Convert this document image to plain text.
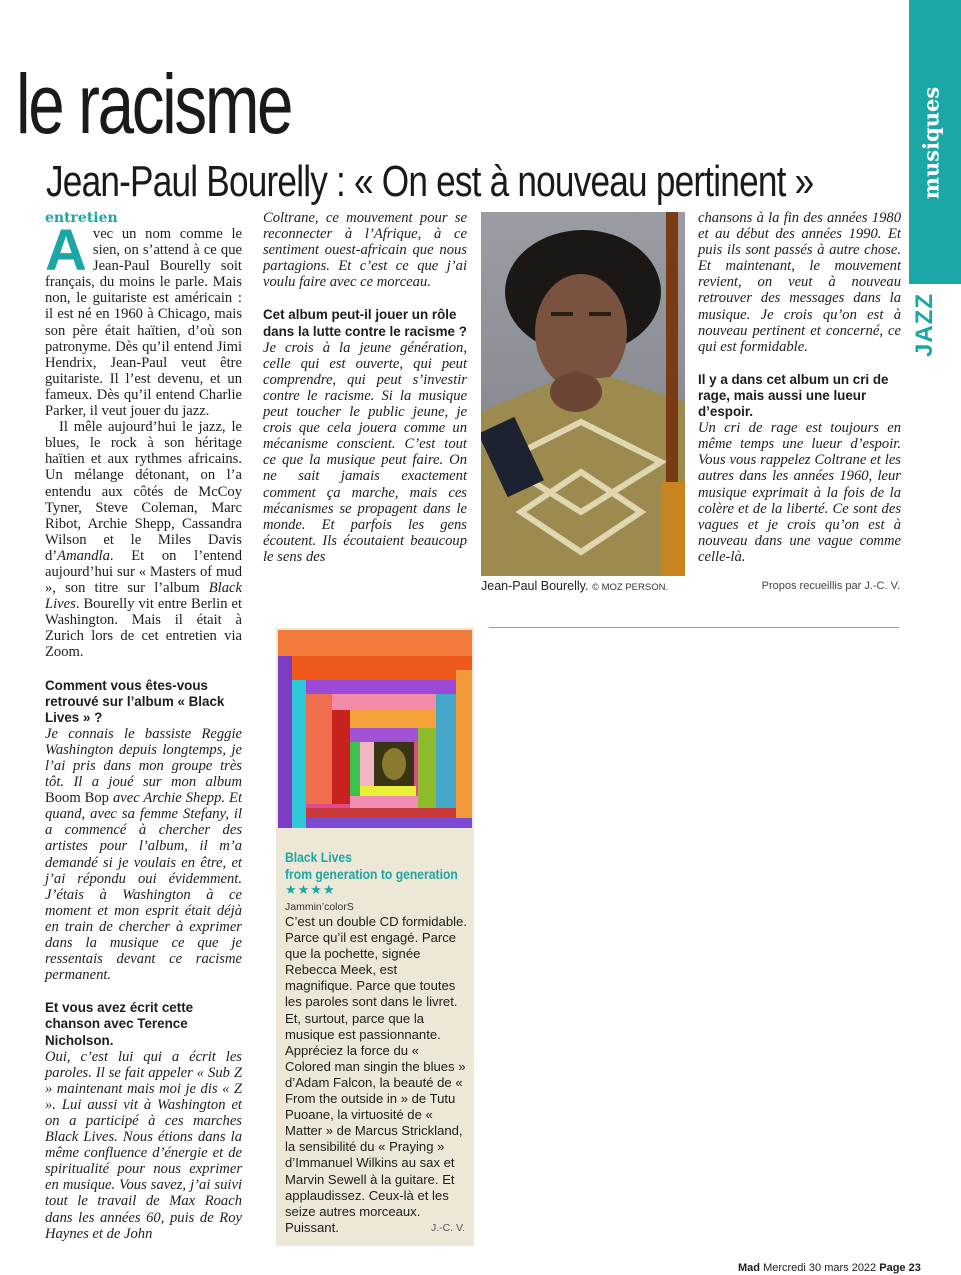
le racisme
Jean-Paul Bourelly : « On est à nouveau pertinent »	musiques
JAZZ
entretien

Avec un nom comme le sien, on s’attend à ce que Jean-Paul Bourelly soit français, du moins le parle. Mais non, le guitariste est américain : il est né en 1960 à Chicago, mais son père était haïtien, d’où son patronyme. Dès qu’il entend Jimi Hendrix, Jean-Paul veut être guitariste. Il l’est devenu, et un fameux. Dès qu’il entend Charlie Parker, il veut jouer du jazz.

Il mêle aujourd’hui le jazz, le blues, le rock à son héritage haïtien et aux rythmes africains. Un mélange détonant, on l’a entendu aux côtés de McCoy Tyner, Steve Coleman, Marc Ribot, Archie Shepp, Cassandra Wilson et le Miles Davis d’Amandla. Et on l’entend aujourd’hui sur « Masters of mud », son titre sur l’album Black Lives. Bourelly vit entre Berlin et Washington. Mais il était à Zurich lors de cet entretien via Zoom.

Comment vous êtes-vous retrouvé sur l’album « Black Lives » ?

Je connais le bassiste Reggie Washington depuis longtemps, je l’ai pris dans mon groupe très tôt. Il a joué sur mon album Boom Bop avec Archie Shepp. Et quand, avec sa femme Stefany, il a commencé à chercher des artistes pour l’album, il m’a demandé si je voulais en être, et j’ai répondu oui évidemment. J’étais à Washington à ce moment et mon esprit était déjà en train de chercher à exprimer dans la musique ce que je ressentais devant ce racisme permanent.

Et vous avez écrit cette chanson avec Terence Nicholson.

Oui, c’est lui qui a écrit les paroles. Il se fait appeler « Sub Z » maintenant mais moi je dis « Z ». Lui aussi vit à Washington et on a participé à ces marches Black Lives. Nous étions dans la même confluence d’énergie et de spiritualité pour nous exprimer en musique. Vous savez, j’ai suivi tout le travail de Max Roach dans les années 60, puis de Roy Haynes et de John

Coltrane, ce mouvement pour se reconnecter à l’Afrique, à ce sentiment ouest-africain que nous partagions. Et c’est ce que j’ai voulu faire avec ce morceau.

Cet album peut-il jouer un rôle dans la lutte contre le racisme ?

Je crois à la jeune génération, celle qui est ouverte, qui peut comprendre, qui peut s’investir contre le racisme. Si la musique peut toucher le public jeune, je crois que cela jouera comme un mécanisme conscient. C’est tout ce que la musique peut faire. On ne sait jamais exactement comment ça marche, mais ces mécanismes se propagent dans le monde. Et parfois les gens écoutent. Ils écoutaient beaucoup le sens des

Jean-Paul Bourelly. © MOZ PERSON.

chansons à la fin des années 1980 et au début des années 1990. Et puis ils sont passés à autre chose. Et maintenant, le mouvement revient, on veut à nouveau retrouver des messages dans la musique. Je crois qu’on est à nouveau pertinent et concerné, ce qui est formidable.

Il y a dans cet album un cri de rage, mais aussi une lueur d’espoir.

Un cri de rage est toujours en même temps une lueur d’espoir. Vous vous rappelez Coltrane et les autres dans les années 1960, leur musique exprimait à la fois de la colère et de la liberté. Ce sont des vagues et je crois qu’on est à nouveau dans une vague comme celle-là.

Propos recueillis par J.-C. V.
Black Lives
from generation to generation
★★★★
Jammin’colorS
C’est un double CD formidable. Parce qu’il est engagé. Parce que la pochette, signée Rebecca Meek, est magnifique. Parce que toutes les paroles sont dans le livret. Et, surtout, parce que la musique est passionnante. Appréciez la force du « Colored man singin the blues » d’Adam Falcon, la beauté de « From the outside in » de Tutu Puoane, la virtuosité de « Matter » de Marcus Strickland, la sensibilité du « Praying » d’Immanuel Wilkins au sax et Marvin Sewell à la guitare. Et applaudissez. Ceux-là et les seize autres morceaux. Puissant.	J.-C. V.
Mad Mercredi 30 mars 2022 Page 23
